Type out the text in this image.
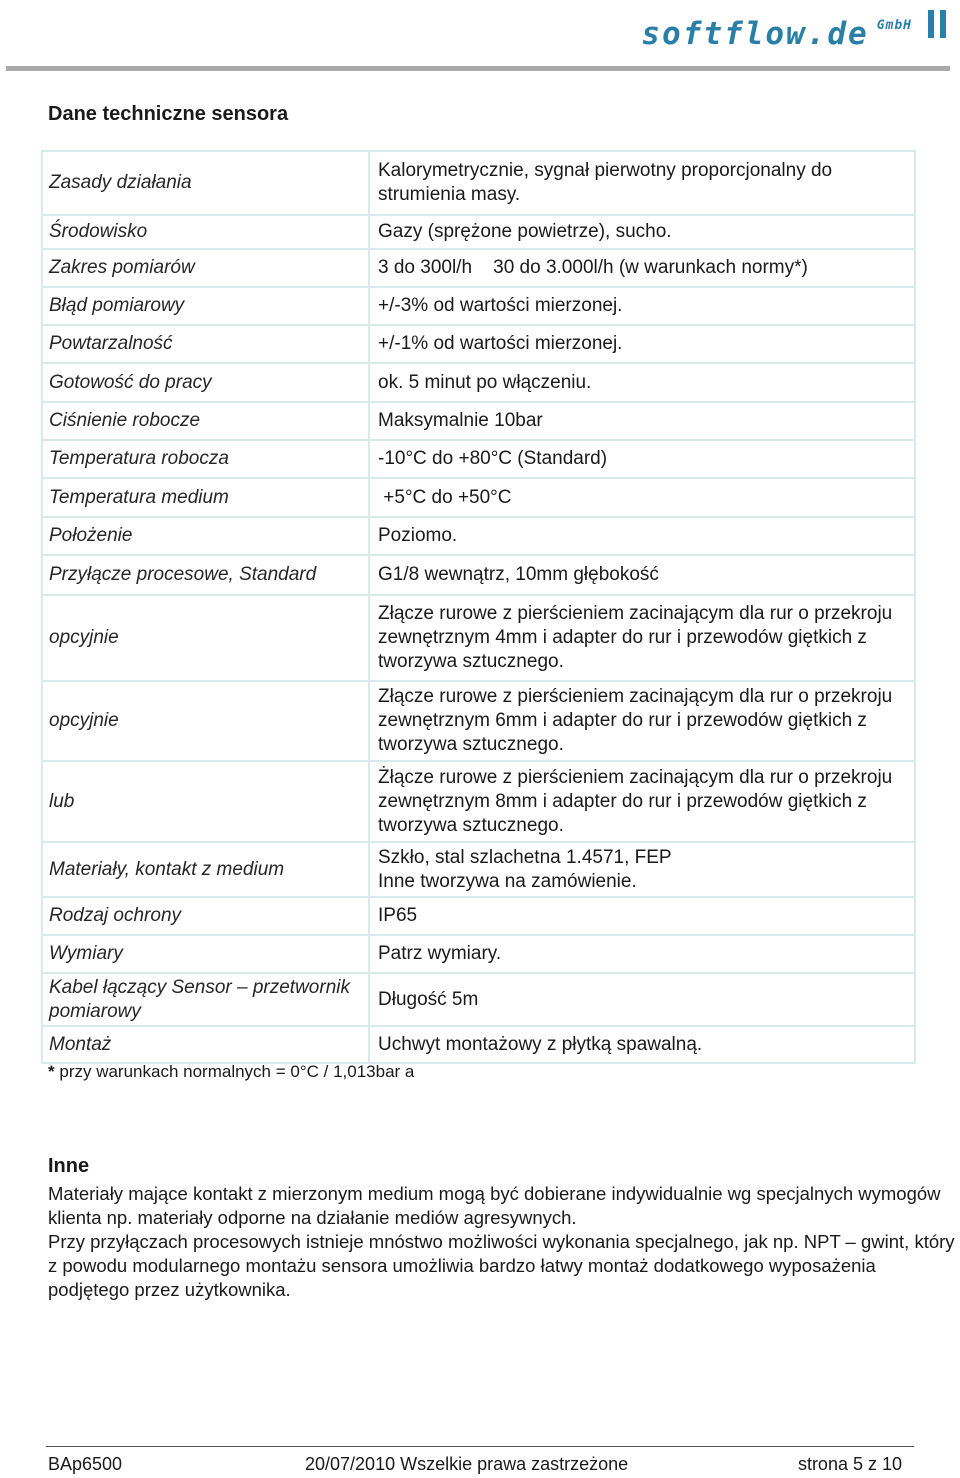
softflow.de GmbH
Dane techniczne sensora
Zasady działania	Kalorymetrycznie, sygnał pierwotny proporcjonalny do strumienia masy.
Środowisko	Gazy (sprężone powietrze), sucho.
Zakres pomiarów	3 do 300l/h    30 do 3.000l/h (w warunkach normy*)
Błąd pomiarowy	+/-3% od wartości mierzonej.
Powtarzalność	+/-1% od wartości mierzonej.
Gotowość do pracy	ok. 5 minut po włączeniu.
Ciśnienie robocze	Maksymalnie 10bar
Temperatura robocza	-10°C do +80°C (Standard)
Temperatura medium	+5°C do +50°C
Położenie	Poziomo.
Przyłącze procesowe, Standard	G1/8 wewnątrz, 10mm głębokość
opcyjnie	Złącze rurowe z pierścieniem zacinającym dla rur o przekroju zewnętrznym 4mm i adapter do rur i przewodów giętkich z tworzywa sztucznego.
opcyjnie	Złącze rurowe z pierścieniem zacinającym dla rur o przekroju zewnętrznym 6mm i adapter do rur i przewodów giętkich z tworzywa sztucznego.
lub	Żłącze rurowe z pierścieniem zacinającym dla rur o przekroju zewnętrznym 8mm i adapter do rur i przewodów giętkich z tworzywa sztucznego.
Materiały, kontakt z medium	Szkło, stal szlachetna 1.4571, FEP
Inne tworzywa na zamówienie.
Rodzaj ochrony	IP65
Wymiary	Patrz wymiary.
Kabel łączący Sensor – przetwornik pomiarowy	Długość 5m
Montaż	Uchwyt montażowy z płytką spawalną.

* przy warunkach normalnych = 0°C / 1,013bar a

Inne

Materiały mające kontakt z mierzonym medium mogą być dobierane indywidualnie wg specjalnych wymogów klienta np. materiały odporne na działanie mediów agresywnych.

Przy przyłączach procesowych istnieje mnóstwo możliwości wykonania specjalnego, jak np. NPT – gwint, który z powodu modularnego montażu sensora umożliwia bardzo łatwy montaż dodatkowego wyposażenia podjętego przez użytkownika.

BAp6500	20/07/2010 Wszelkie prawa zastrzeżone	strona 5 z 10
